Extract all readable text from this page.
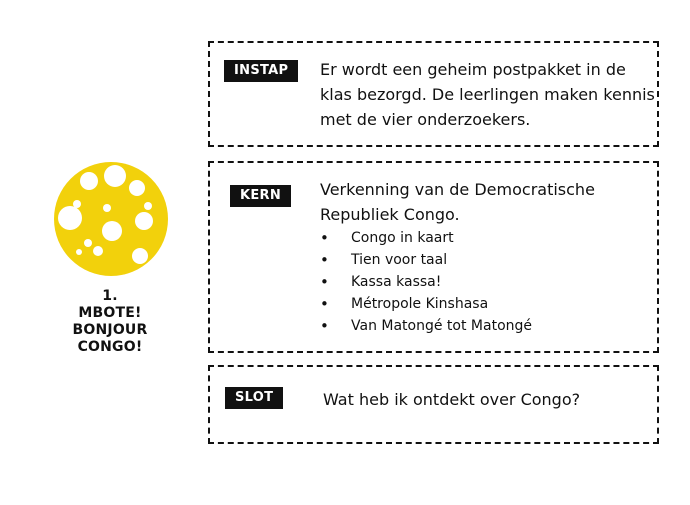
1.
MBOTE!
BONJOUR
CONGO!
INSTAP	Er wordt een geheim postpakket in de klas bezorgd. De leerlingen maken kennis met de vier onderzoekers.
KERN	Verkenning van de Democratische Republiek Congo.
• Congo in kaart
• Tien voor taal
• Kassa kassa!
• Métropole Kinshasa
• Van Matongé tot Matongé
SLOT	Wat heb ik ontdekt over Congo?
